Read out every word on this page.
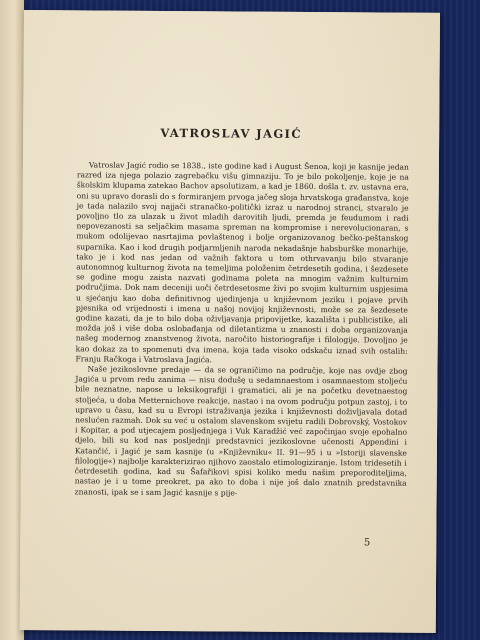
VATROSLAV JAGIĆ

Vatroslav Jagić rodio se 1838., iste godine kad i August Šenoa, koji je kasnije jedan razred iza njega polazio zagrebačku višu gimnaziju. To je bilo pokoljenje, koje je na školskim klupama zatekao Bachov apsolutizam, a kad je 1860. došla t. zv. ustavna era, oni su upravo dorasli do s formiranjem prvoga jačeg sloja hrvatskoga građanstva, koje je tada nalazilo svoj najjači stranačko-politički izraz u narodnoj stranci, stvaralo je povoljno tlo za ulazak u život mladih darovitih ljudi, premda je feudumom i radi nepovezanosti sa seljačkim masama spreman na kompromise i nerevolucionaran, s mukom odolijevao nasrtajima povlaštenog i bolje organizovanog bečko-peštanskog suparnika. Kao i kod drugih podjarmljenih naroda nekadašnje habsburške monarhije, tako je i kod nas jedan od važnih faktora u tom othrvavanju bilo stvaranje autonomnog kulturnog života na temeljima položenim četrdesetih godina, i šezdesete se godine mogu zaista nazvati godinama poleta na mnogim važnim kulturnim područjima. Dok nam deceniji uoči četrdesetosme živi po svojim kulturnim uspjesima u sjećanju kao doba definitivnog ujedinjenja u književnom jeziku i pojave prvih pjesnika od vrijednosti i imena u našoj novijoj književnosti, može se za šezdesete godine kazati, da je to bilo doba oživljavanja pripovijetke, kazališta i publicistike, ali možda još i više doba oslobađanja od diletantizma u znanosti i doba organizovanja našeg modernog znanstvenog života, naročito historiografije i filologije. Dovoljno je kao dokaz za to spomenuti dva imena, koja tada visoko odskaču iznad svih ostalih: Franju Račkoga i Vatroslava Jagića.

Naše jezikoslovne predaje — da se ograničimo na područje, koje nas ovdje zbog Jagića u prvom redu zanima — nisu dodušę u sedamnaestom i osamnaestom stoljeću bile neznatne, napose u leksikografiji i gramatici, ali je na početku devetnaestog stoljeća, u doba Metternichove reakcije, nastao i na ovom području potpun zastoj, i to upravo u času, kad su u Evropi istraživanja jezika i književnosti doživljavala dotad neslućen razmah. Dok su već u ostalom slavenskom svijetu radili Dobrovský, Vostokov i Kopitar, a pod utjecajem posljednjega i Vuk Karadžić već započinjao svoje epohalno djelo, bili su kod nas posljednji predstavnici jezikoslovne učenosti Appendini i Katančić, i Jagić je sam kasnije (u »Književniku« II. 91—95 i u »Istoriji slavenske filologije«) najbolje karakterizirao njihovo zaostalo etimologiziranje. Istom tridesetih i četrdesetih godina, kad su Šafařikovi spisi koliko medu našim preporoditeljima, nastao je i u tome preokret, pa ako to doba i nije još dalo znatnih predstavnika znanosti, ipak se i sam Jagić kasnije s pije-

5
